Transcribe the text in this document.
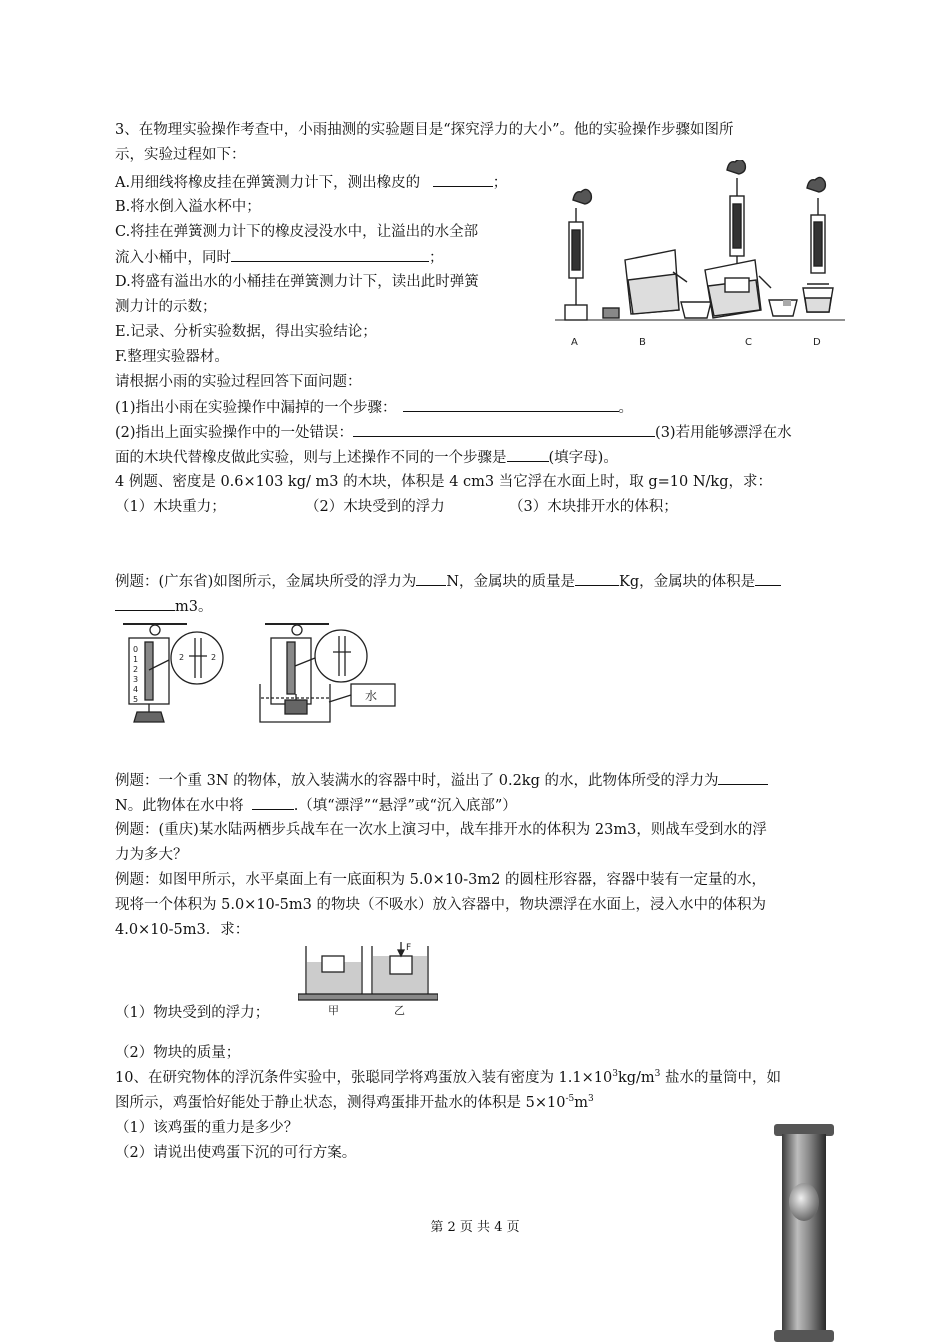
3、在物理实验操作考查中，小雨抽测的实验题目是“探究浮力的大小”。他的实验操作步骤如图所
示，实验过程如下：
A.用细线将橡皮挂在弹簧测力计下，测出橡皮的	；
B.将水倒入溢水杯中；
C.将挂在弹簧测力计下的橡皮浸没水中，让溢出的水全部
流入小桶中，同时	；
D.将盛有溢出水的小桶挂在弹簧测力计下，读出此时弹簧
测力计的示数；
E.记录、分析实验数据，得出实验结论；
F.整理实验器材。
请根据小雨的实验过程回答下面问题：
(1)指出小雨在实验操作中漏掉的一个步骤：	。
(2)指出上面实验操作中的一处错误：	(3)若用能够漂浮在水
面的木块代替橡皮做此实验，则与上述操作不同的一个步骤是	(填字母)。
A	B	C	D
4 例题、密度是 0.6×103 kg/ m3 的木块，体积是 4 cm3 当它浮在水面上时，取 g=10 N/kg，求：
（1）木块重力；	（2）木块受到的浮力	（3）木块排开水的体积；
例题：(广东省)如图所示，金属块所受的浮力为 N，金属块的质量是	Kg，金属块的体积是
m3。
0
1
2
3
4
5
2	2
水
例题：一个重 3N 的物体，放入装满水的容器中时，溢出了 0.2kg 的水，此物体所受的浮力为
N。此物体在水中将	.（填“漂浮”“悬浮”或“沉入底部”）
例题：(重庆)某水陆两栖步兵战车在一次水上演习中，战车排开水的体积为 23m3，则战车受到水的浮
力为多大？
例题：如图甲所示，水平桌面上有一底面积为 5.0×10-3m2 的圆柱形容器，容器中装有一定量的水，
现将一个体积为 5.0×10-5m3 的物块（不吸水）放入容器中，物块漂浮在水面上，浸入水中的体积为
4.0×10-5m3．求：
甲	乙
F
（1）物块受到的浮力；
（2）物块的质量；
10、在研究物体的浮沉条件实验中，张聪同学将鸡蛋放入装有密度为 $1.1\times 10^3kg/m^3$ 盐水的量筒中，如
图所示，鸡蛋恰好能处于静止状态，测得鸡蛋排开盐水的体积是 $5\times 10^{-5}m^3$
（1）该鸡蛋的重力是多少？
（2）请说出使鸡蛋下沉的可行方案。
第 2 页 共 4 页
